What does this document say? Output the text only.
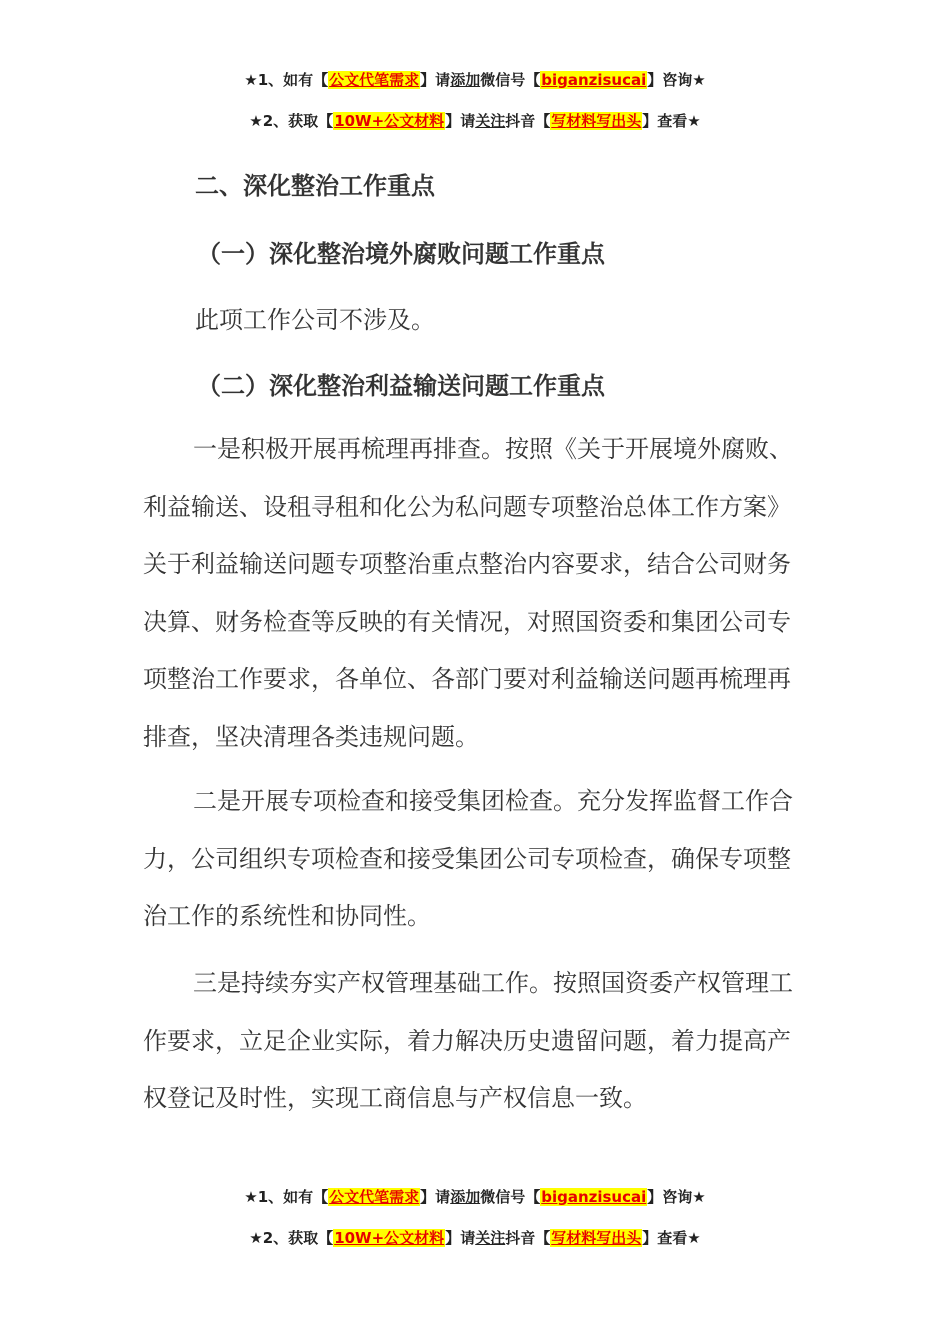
★1、如有【公文代笔需求】请添加微信号【biganzisucai】咨询★
★2、获取【10W+公文材料】请关注抖音【写材料写出头】查看★
二、深化整治工作重点
（一）深化整治境外腐败问题工作重点
此项工作公司不涉及。
（二）深化整治利益输送问题工作重点
一是积极开展再梳理再排查。按照《关于开展境外腐败、利益输送、设租寻租和化公为私问题专项整治总体工作方案》关于利益输送问题专项整治重点整治内容要求，结合公司财务决算、财务检查等反映的有关情况，对照国资委和集团公司专项整治工作要求，各单位、各部门要对利益输送问题再梳理再排查，坚决清理各类违规问题。
二是开展专项检查和接受集团检查。充分发挥监督工作合力，公司组织专项检查和接受集团公司专项检查，确保专项整治工作的系统性和协同性。
三是持续夯实产权管理基础工作。按照国资委产权管理工作要求，立足企业实际，着力解决历史遗留问题，着力提高产权登记及时性，实现工商信息与产权信息一致。
★1、如有【公文代笔需求】请添加微信号【biganzisucai】咨询★
★2、获取【10W+公文材料】请关注抖音【写材料写出头】查看★
